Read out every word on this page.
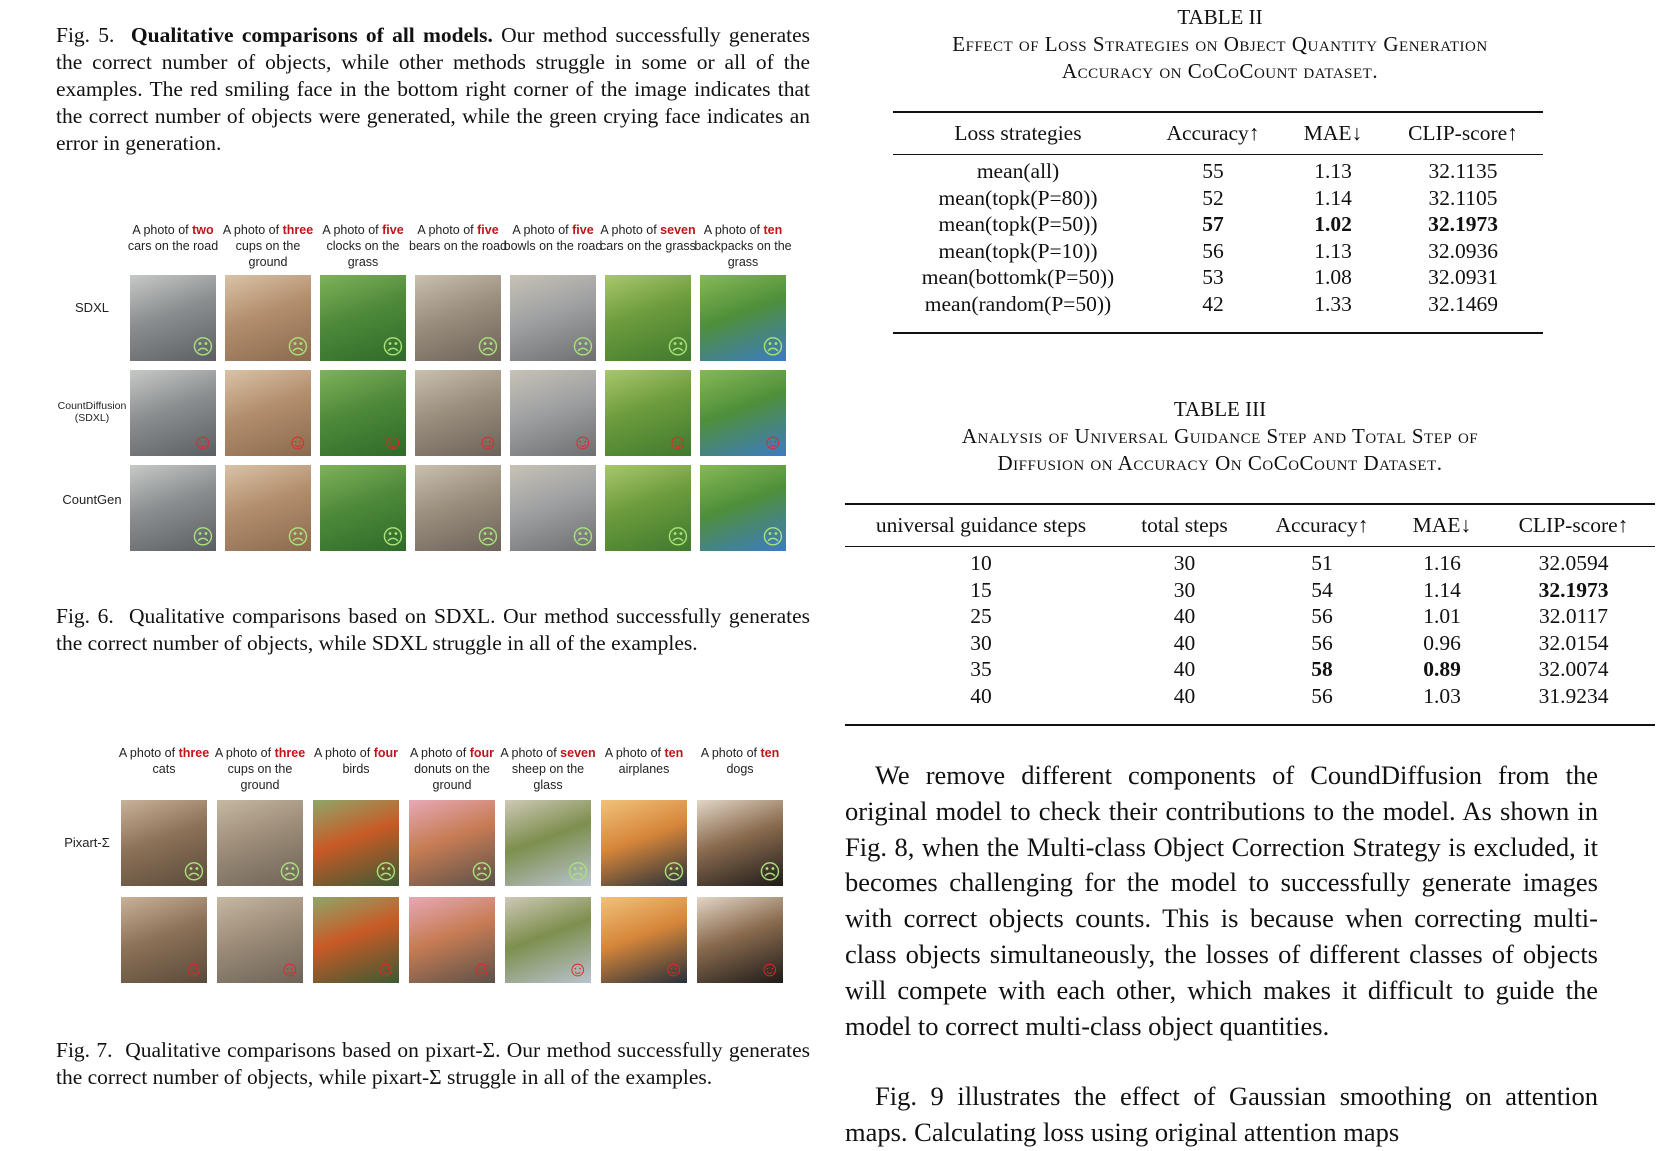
Fig. 5. Qualitative comparisons of all models. Our method successfully generates the correct number of objects, while other methods struggle in some or all of the examples. The red smiling face in the bottom right corner of the image indicates that the correct number of objects were generated, while the green crying face indicates an error in generation.
A photo of two cars on the road
A photo of three cups on the ground
A photo of five clocks on the grass
A photo of five bears on the road
A photo of five bowls on the road
A photo of seven cars on the grass
A photo of ten backpacks on the grass
SDXL
☹	☹	☹	☹	☹	☹	☹
CountDiffusion (SDXL)
☺	☺	☺	☺	☺	☺	☺
CountGen
☹	☹	☹	☹	☹	☹	☹
Fig. 6. Qualitative comparisons based on SDXL. Our method successfully generates the correct number of objects, while SDXL struggle in all of the examples.
A photo of three cats
A photo of three cups on the ground
A photo of four birds
A photo of four donuts on the ground
A photo of seven sheep on the glass
A photo of ten airplanes
A photo of ten dogs
Pixart-Σ
☹	☹	☹	☹	☹	☹	☹
☺	☺	☺	☺	☺	☺	☺
Fig. 7. Qualitative comparisons based on pixart-Σ. Our method successfully generates the correct number of objects, while pixart-Σ struggle in all of the examples.
TABLE II
Effect of Loss Strategies on Object Quantity Generation
Accuracy on CoCoCount dataset.
Loss strategies	Accuracy↑	MAE↓	CLIP-score↑
mean(all)	55	1.13	32.1135
mean(topk(P=80))	52	1.14	32.1105
mean(topk(P=50))	57	1.02	32.1973
mean(topk(P=10))	56	1.13	32.0936
mean(bottomk(P=50))	53	1.08	32.0931
mean(random(P=50))	42	1.33	32.1469
TABLE III
Analysis of Universal Guidance Step and Total Step of
Diffusion on Accuracy On CoCoCount Dataset.
universal guidance steps	total steps	Accuracy↑	MAE↓	CLIP-score↑
10	30	51	1.16	32.0594
15	30	54	1.14	32.1973
25	40	56	1.01	32.0117
30	40	56	0.96	32.0154
35	40	58	0.89	32.0074
40	40	56	1.03	31.9234
We remove different components of CoundDiffusion from the original model to check their contributions to the model. As shown in Fig. 8, when the Multi-class Object Correction Strategy is excluded, it becomes challenging for the model to successfully generate images with correct objects counts. This is because when correcting multi-class objects simultaneously, the losses of different classes of objects will compete with each other, which makes it difficult to guide the model to correct multi-class object quantities.
Fig. 9 illustrates the effect of Gaussian smoothing on attention maps. Calculating loss using original attention maps
